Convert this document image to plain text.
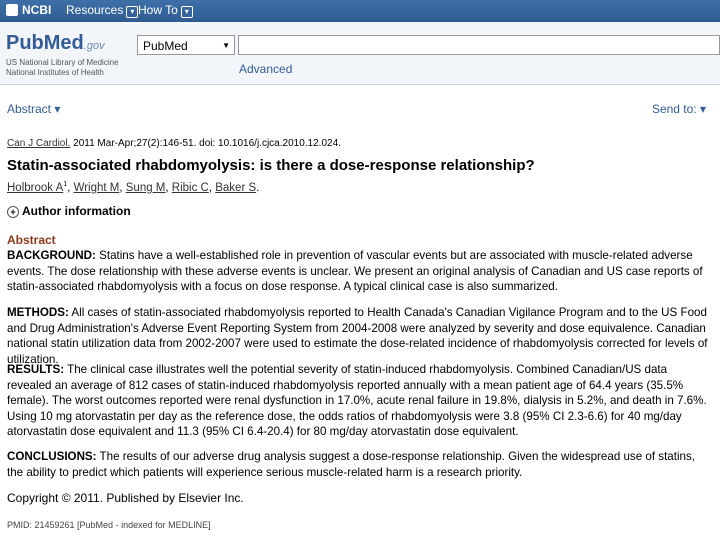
NCBI Resources ▾ How To ▾
PubMed.gov
US National Library of Medicine
National Institutes of Health
PubMed	▼
Advanced
Abstract ▾	Send to: ▾
Can J Cardiol. 2011 Mar-Apr;27(2):146-51. doi: 10.1016/j.cjca.2010.12.024.
Statin-associated rhabdomyolysis: is there a dose-response relationship?
Holbrook $A^1$, Wright M, Sung M, Ribic C, Baker S.
+ Author information
Abstract
BACKGROUND: Statins have a well-established role in prevention of vascular events but are associated with muscle-related adverse events. The dose relationship with these adverse events is unclear. We present an original analysis of Canadian and US case reports of statin-associated rhabdomyolysis with a focus on dose response. A typical clinical case is also summarized.
METHODS: All cases of statin-associated rhabdomyolysis reported to Health Canada's Canadian Vigilance Program and to the US Food and Drug Administration's Adverse Event Reporting System from 2004-2008 were analyzed by severity and dose equivalence. Canadian national statin utilization data from 2002-2007 were used to estimate the dose-related incidence of rhabdomyolysis corrected for levels of utilization.
RESULTS: The clinical case illustrates well the potential severity of statin-induced rhabdomyolysis. Combined Canadian/US data revealed an average of 812 cases of statin-induced rhabdomyolysis reported annually with a mean patient age of 64.4 years (35.5% female). The worst outcomes reported were renal dysfunction in 17.0%, acute renal failure in 19.8%, dialysis in 5.2%, and death in 7.6%. Using 10 mg atorvastatin per day as the reference dose, the odds ratios of rhabdomyolysis were 3.8 (95% CI 2.3-6.6) for 40 mg/day atorvastatin dose equivalent and 11.3 (95% CI 6.4-20.4) for 80 mg/day atorvastatin dose equivalent.
CONCLUSIONS: The results of our adverse drug analysis suggest a dose-response relationship. Given the widespread use of statins, the ability to predict which patients will experience serious muscle-related harm is a research priority.
Copyright © 2011. Published by Elsevier Inc.
PMID: 21459261 [PubMed - indexed for MEDLINE]
